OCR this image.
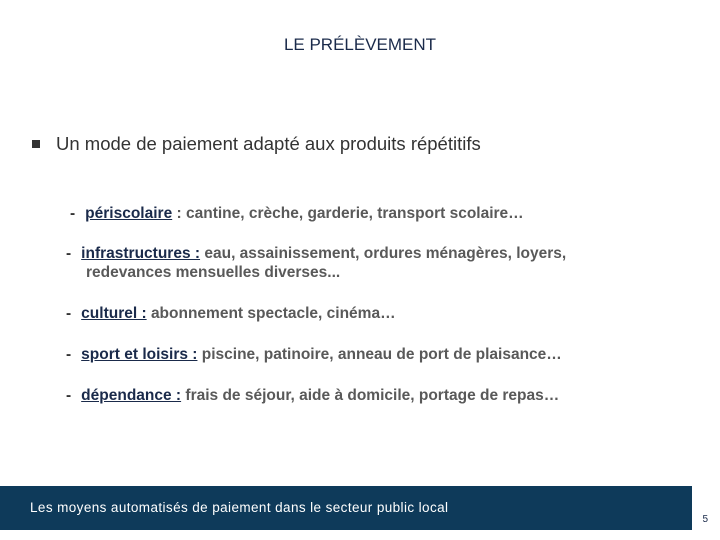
LE PRÉLÈVEMENT
Un mode de paiement adapté aux produits répétitifs
- périscolaire : cantine, crèche, garderie, transport scolaire…
- infrastructures : eau, assainissement, ordures ménagères, loyers,
redevances mensuelles diverses...
- culturel : abonnement spectacle, cinéma…
- sport et loisirs : piscine, patinoire, anneau de port de plaisance…
- dépendance : frais de séjour, aide à domicile, portage de repas…
Les moyens automatisés de paiement dans le secteur public local
5
